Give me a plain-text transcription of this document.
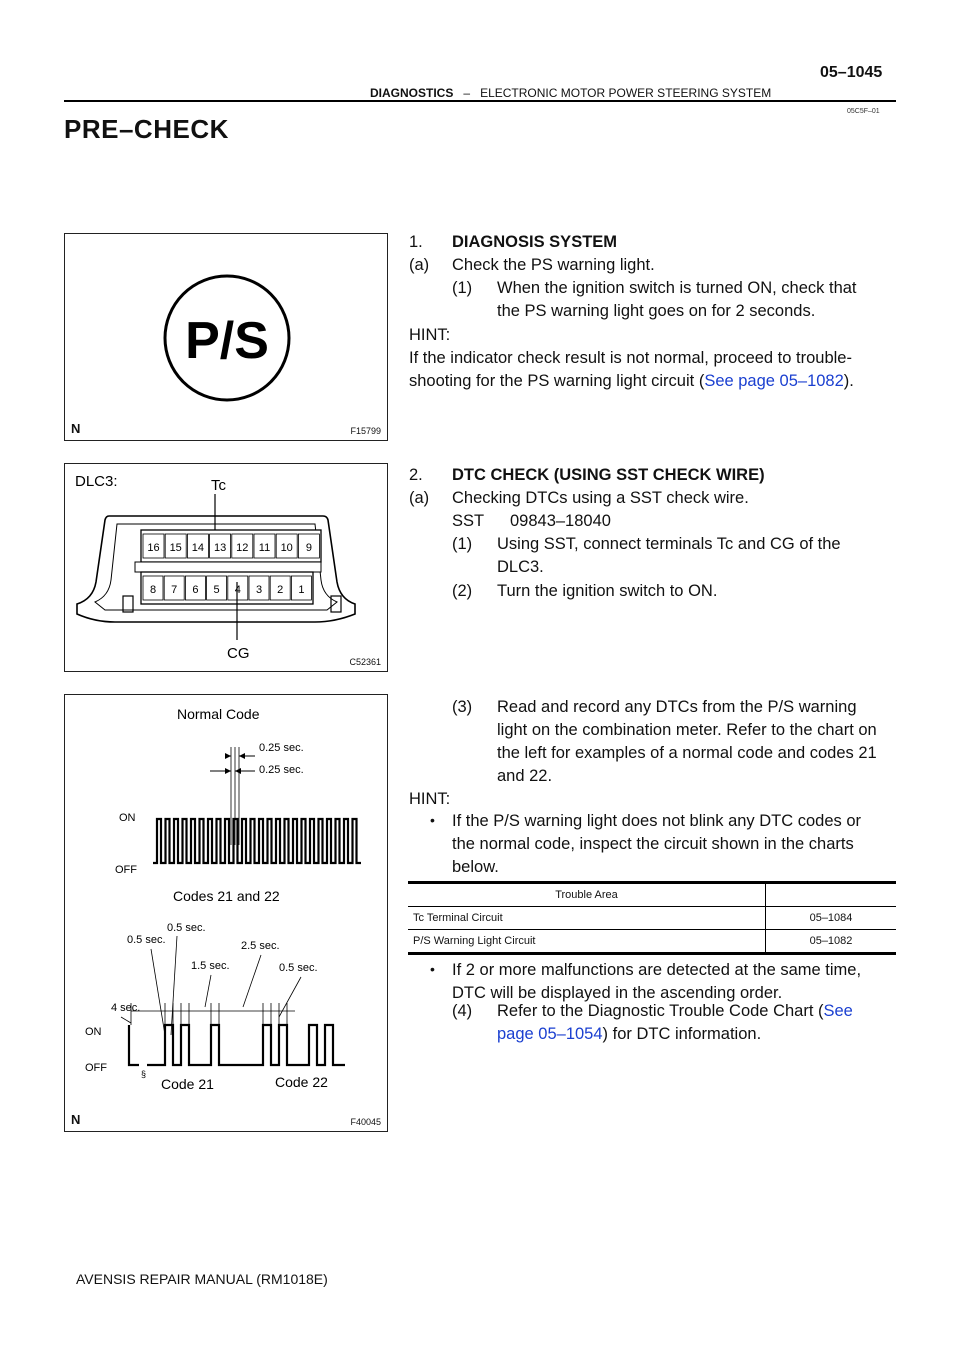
05–1045
DIAGNOSTICS – ELECTRONIC MOTOR POWER STEERING SYSTEM
05C5F–01
PRE–CHECK
P/S
N	F15799
DLC3:	Tc
16 15 14 13 12 11 10 9
8 7 6 5 4 3 2 1
CG	C52361
Normal Code
0.25 sec.
0.25 sec.
ON
OFF
Codes 21 and 22
0.5 sec.
0.5 sec.	2.5 sec.
1.5 sec.	0.5 sec.
4 sec.
ON
OFF	§
Code 21	Code 22
N	F40045
1. DIAGNOSIS SYSTEM
(a) Check the PS warning light.
(1) When the ignition switch is turned ON, check that
the PS warning light goes on for 2 seconds.
HINT:
If the indicator check result is not normal, proceed to trouble-
shooting for the PS warning light circuit (See page 05–1082).
2. DTC CHECK (USING SST CHECK WIRE)
(a) Checking DTCs using a SST check wire.
SST 09843–18040
(1) Using SST, connect terminals Tc and CG of the
DLC3.
(2) Turn the ignition switch to ON.
(3) Read and record any DTCs from the P/S warning
light on the combination meter. Refer to the chart on
the left for examples of a normal code and codes 21
and 22.
HINT:
• If the P/S warning light does not blink any DTC codes or
the normal code, inspect the circuit shown in the charts
below.
Trouble Area	
Tc Terminal Circuit	05–1084
P/S Warning Light Circuit	05–1082
• If 2 or more malfunctions are detected at the same time,
DTC will be displayed in the ascending order.
(4) Refer to the Diagnostic Trouble Code Chart (See
page 05–1054) for DTC information.
AVENSIS REPAIR MANUAL (RM1018E)
